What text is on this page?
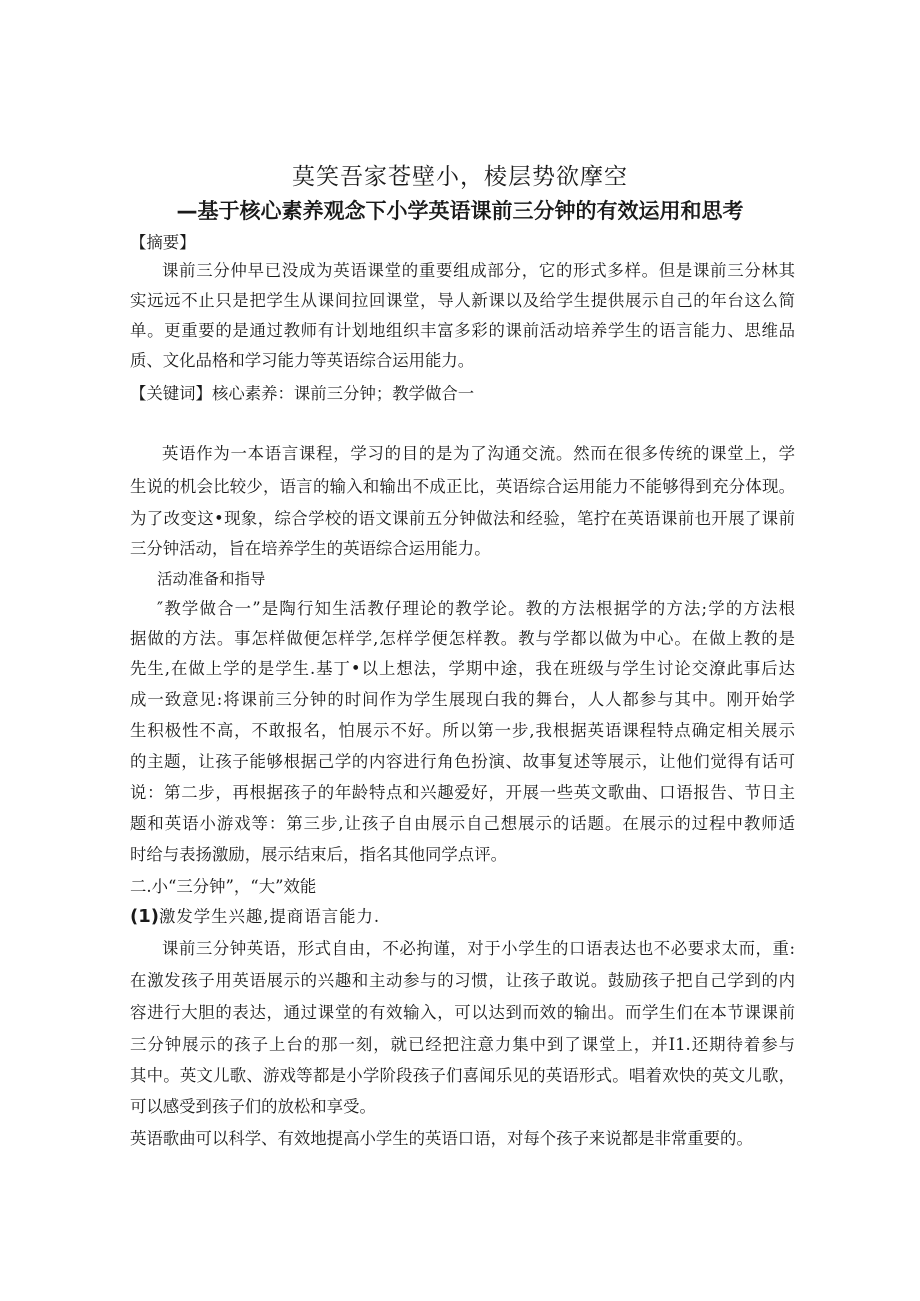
莫笑吾家苍壁小，棱层势欲摩空
—基于核心素养观念下小学英语课前三分钟的有效运用和思考
【摘要】
课前三分仲早已没成为英语课堂的重要组成部分，它的形式多样。但是课前三分林其
实远远不止只是把学生从课间拉回课堂，导人新课以及给学生提供展示自己的年台这么简
单。更重要的是通过教师有计划地组织丰富多彩的课前活动培养学生的语言能力、思维品
质、文化品格和学习能力等英语综合运用能力。
【关键词】核心素养：课前三分钟；教学做合一
英语作为一本语言课程，学习的目的是为了沟通交流。然而在很多传统的课堂上，学
生说的机会比较少，语言的输入和输出不成正比，英语综合运用能力不能够得到充分体现。
为了改变这•现象，综合学校的语文课前五分钟做法和经验，笔拧在英语课前也开展了课前
三分钟活动，旨在培养学生的英语综合运用能力。
活动准备和指导
″教学做合一”是陶行知生活教仔理论的教学论。教的方法根据学的方法;学的方法根
据做的方法。事怎样做便怎样学,怎样学便怎样教。教与学都以做为中心。在做上教的是
先生,在做上学的是学生.基丁•以上想法，学期中途，我在班级与学生讨论交潦此事后达
成一致意见:将课前三分钟的时间作为学生展现白我的舞台，人人都参与其中。刚开始学
生积极性不高，不敢报名，怕展示不好。所以第一步,我根据英语课程特点确定相关展示
的主题，让孩子能够根据己学的内容进行角色扮演、故事复述等展示，让他们觉得有话可
说：第二步，再根据孩子的年龄特点和兴趣爱好，开展一些英文歌曲、口语报告、节日主
题和英语小游戏等：第三步,让孩子自由展示自己想展示的话题。在展示的过程中教师适
时给与表扬激励，展示结束后，指名其他同学点评。
二.小“三分钟”，“大”效能
(1)激发学生兴趣,提商语言能力.
课前三分钟英语，形式自由，不必拘谨，对于小学生的口语表达也不必要求太而，重:
在激发孩子用英语展示的兴趣和主动参与的习惯，让孩子敢说。鼓励孩子把自己学到的内
容进行大胆的表达，通过课堂的有效输入，可以达到而效的输出。而学生们在本节课课前
三分钟展示的孩子上台的那一刻，就已经把注意力集中到了课堂上，并I1.还期待着参与
其中。英文儿歌、游戏等都是小学阶段孩子们喜闻乐见的英语形式。唱着欢快的英文儿歌，
可以感受到孩子们的放松和享受。
英语歌曲可以科学、有效地提高小学生的英语口语，对每个孩子来说都是非常重要的。
